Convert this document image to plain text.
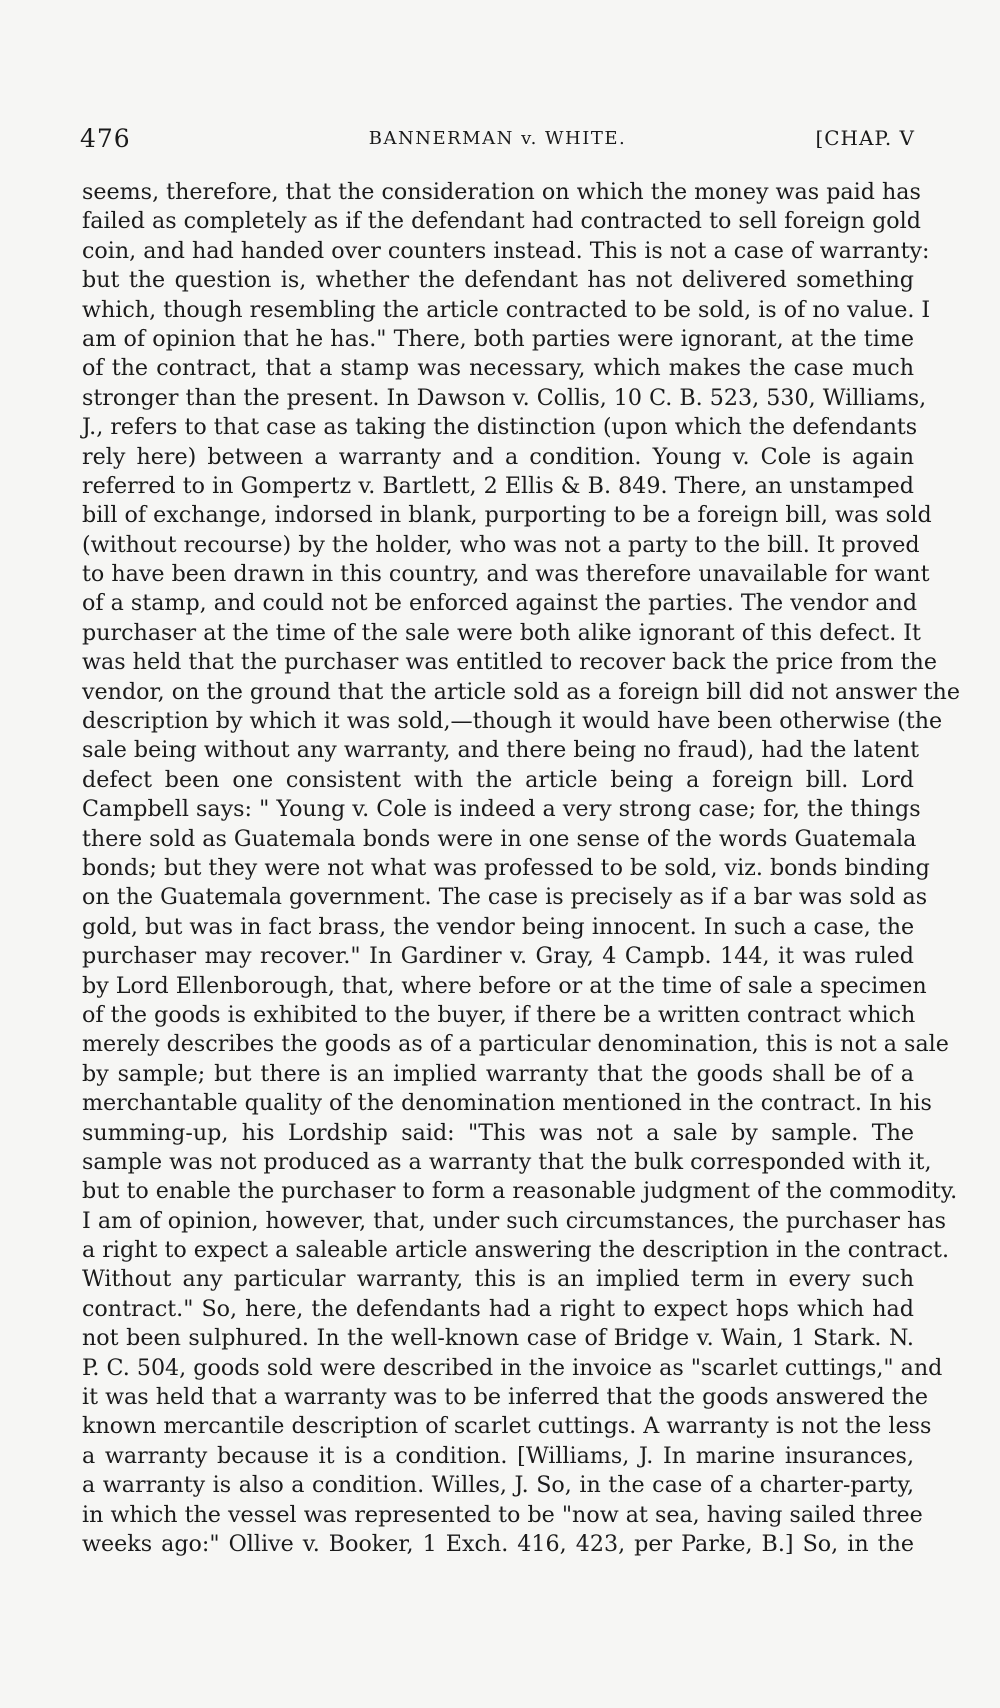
476	BANNERMAN v. WHITE.	[CHAP. V
seems, therefore, that the consideration on which the money was paid has
failed as completely as if the defendant had contracted to sell foreign gold
coin, and had handed over counters instead. This is not a case of warranty:
but the question is, whether the defendant has not delivered something
which, though resembling the article contracted to be sold, is of no value. I
am of opinion that he has." There, both parties were ignorant, at the time
of the contract, that a stamp was necessary, which makes the case much
stronger than the present. In Dawson v. Collis, 10 C. B. 523, 530, Williams,
J., refers to that case as taking the distinction (upon which the defendants
rely here) between a warranty and a condition. Young v. Cole is again
referred to in Gompertz v. Bartlett, 2 Ellis & B. 849. There, an unstamped
bill of exchange, indorsed in blank, purporting to be a foreign bill, was sold
(without recourse) by the holder, who was not a party to the bill. It proved
to have been drawn in this country, and was therefore unavailable for want
of a stamp, and could not be enforced against the parties. The vendor and
purchaser at the time of the sale were both alike ignorant of this defect. It
was held that the purchaser was entitled to recover back the price from the
vendor, on the ground that the article sold as a foreign bill did not answer the
description by which it was sold,—though it would have been otherwise (the
sale being without any warranty, and there being no fraud), had the latent
defect been one consistent with the article being a foreign bill. Lord
Campbell says: " Young v. Cole is indeed a very strong case; for, the things
there sold as Guatemala bonds were in one sense of the words Guatemala
bonds; but they were not what was professed to be sold, viz. bonds binding
on the Guatemala government. The case is precisely as if a bar was sold as
gold, but was in fact brass, the vendor being innocent. In such a case, the
purchaser may recover." In Gardiner v. Gray, 4 Campb. 144, it was ruled
by Lord Ellenborough, that, where before or at the time of sale a specimen
of the goods is exhibited to the buyer, if there be a written contract which
merely describes the goods as of a particular denomination, this is not a sale
by sample; but there is an implied warranty that the goods shall be of a
merchantable quality of the denomination mentioned in the contract. In his
summing-up, his Lordship said: "This was not a sale by sample. The
sample was not produced as a warranty that the bulk corresponded with it,
but to enable the purchaser to form a reasonable judgment of the commodity.
I am of opinion, however, that, under such circumstances, the purchaser has
a right to expect a saleable article answering the description in the contract.
Without any particular warranty, this is an implied term in every such
contract." So, here, the defendants had a right to expect hops which had
not been sulphured. In the well-known case of Bridge v. Wain, 1 Stark. N.
P. C. 504, goods sold were described in the invoice as "scarlet cuttings," and
it was held that a warranty was to be inferred that the goods answered the
known mercantile description of scarlet cuttings. A warranty is not the less
a warranty because it is a condition. [Williams, J. In marine insurances,
a warranty is also a condition. Willes, J. So, in the case of a charter-party,
in which the vessel was represented to be "now at sea, having sailed three
weeks ago:" Ollive v. Booker, 1 Exch. 416, 423, per Parke, B.] So, in the
